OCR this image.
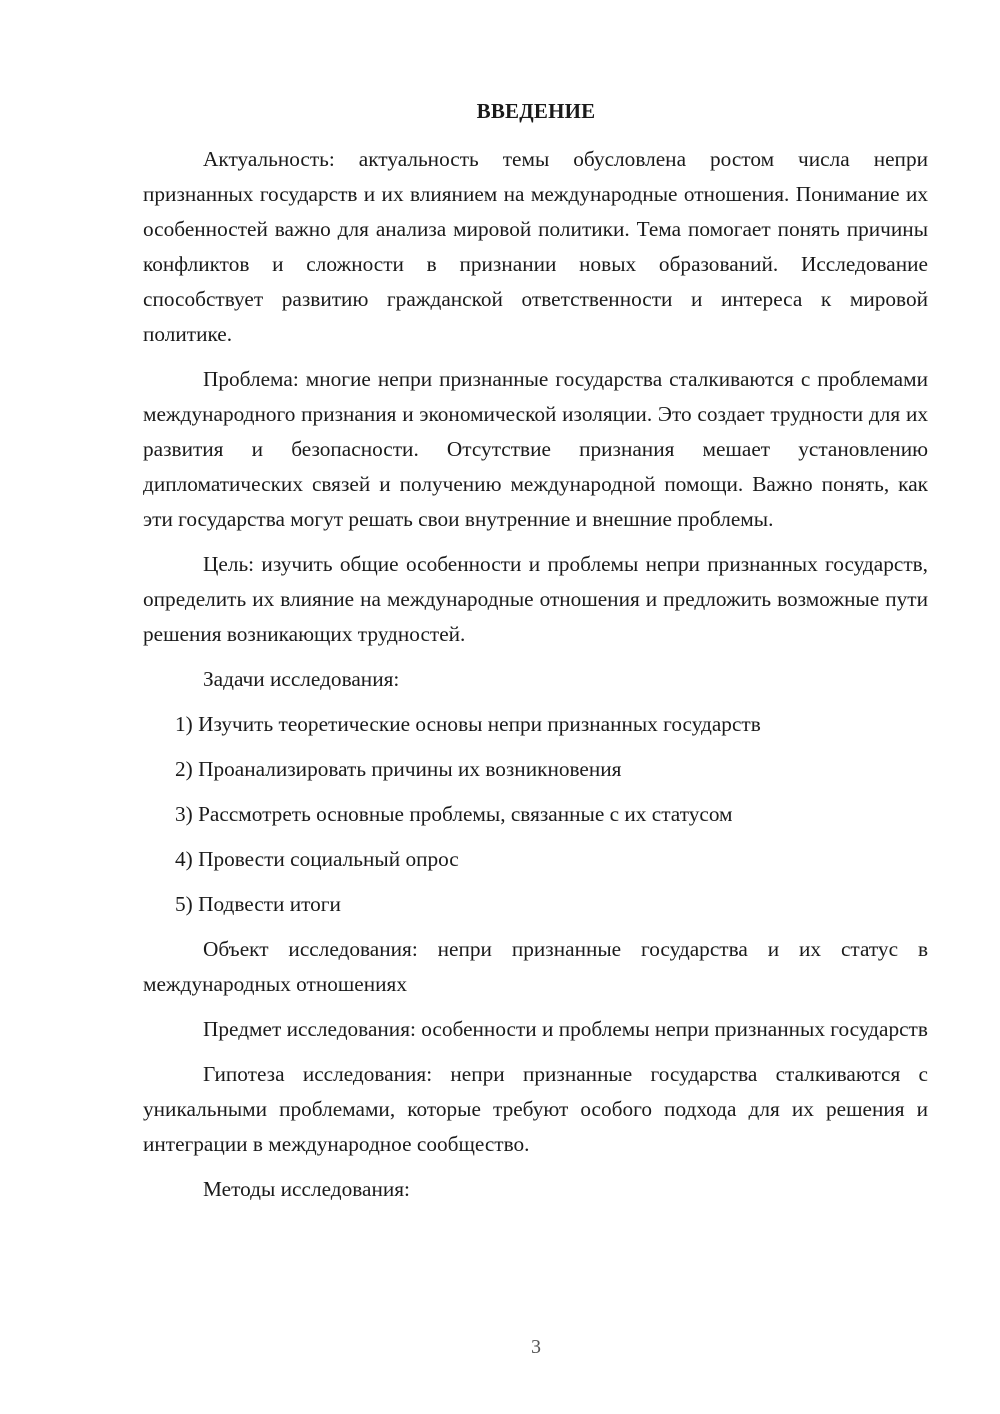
ВВЕДЕНИЕ

Актуальность: актуальность темы обусловлена ростом числа непри признанных государств и их влиянием на международные отношения. Понимание их особенностей важно для анализа мировой политики. Тема помогает понять причины конфликтов и сложности в признании новых образований. Исследование способствует развитию гражданской ответственности и интереса к мировой политике.

Проблема: многие непри признанные государства сталкиваются с проблемами международного признания и экономической изоляции. Это создает трудности для их развития и безопасности. Отсутствие признания мешает установлению дипломатических связей и получению международной помощи. Важно понять, как эти государства могут решать свои внутренние и внешние проблемы.

Цель: изучить общие особенности и проблемы непри признанных государств, определить их влияние на международные отношения и предложить возможные пути решения возникающих трудностей.

Задачи исследования:

1) Изучить теоретические основы непри признанных государств
2) Проанализировать причины их возникновения
3) Рассмотреть основные проблемы, связанные с их статусом
4) Провести социальный опрос
5) Подвести итоги

Объект исследования: непри признанные государства и их статус в международных отношениях

Предмет исследования: особенности и проблемы непри признанных государств

Гипотеза исследования: непри признанные государства сталкиваются с уникальными проблемами, которые требуют особого подхода для их решения и интеграции в международное сообщество.

Методы исследования:

3
